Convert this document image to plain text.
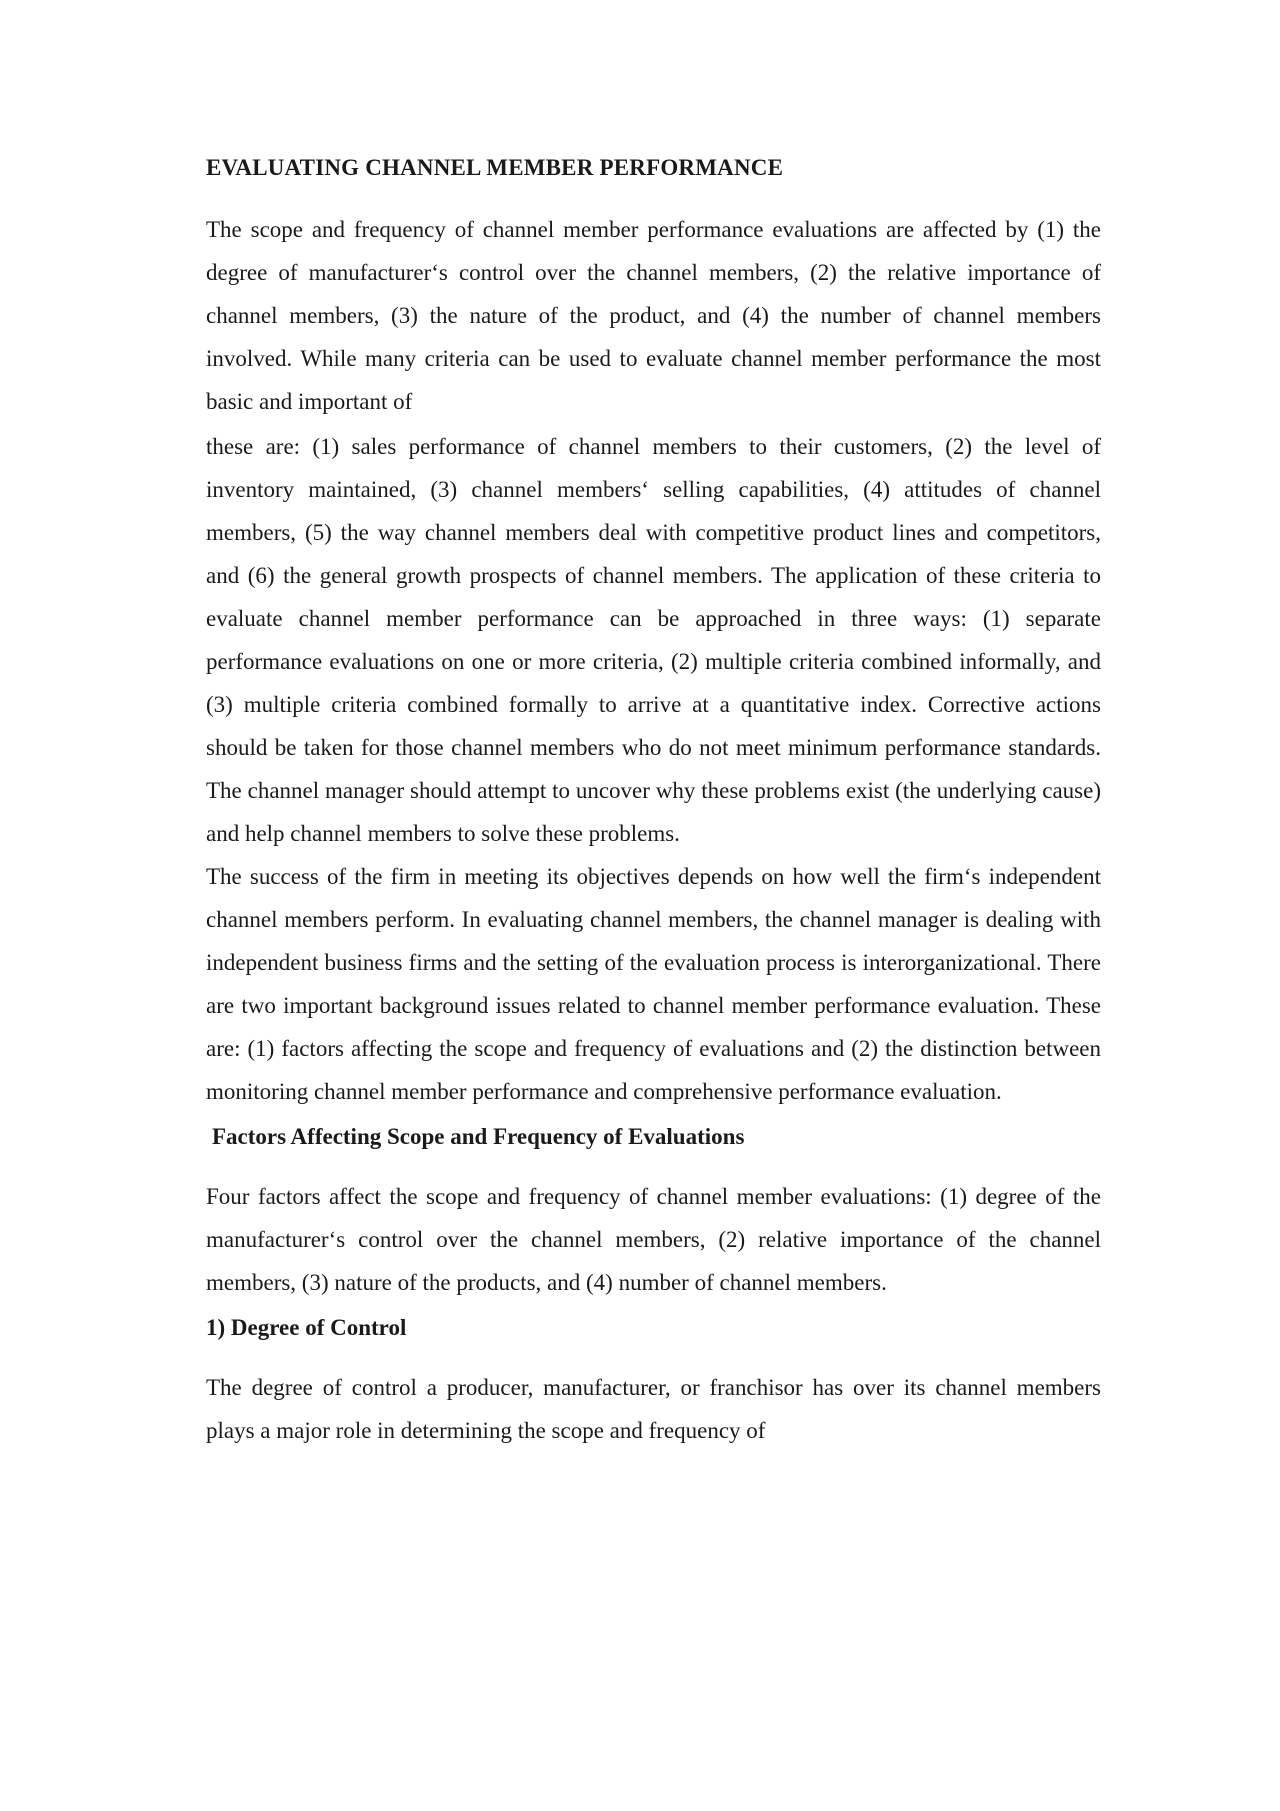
EVALUATING CHANNEL MEMBER PERFORMANCE

The scope and frequency of channel member performance evaluations are affected by (1) the degree of manufacturer‘s control over the channel members, (2) the relative importance of channel members, (3) the nature of the product, and (4) the number of channel members involved. While many criteria can be used to evaluate channel member performance the most basic and important of

these are: (1) sales performance of channel members to their customers, (2) the level of inventory maintained, (3) channel members‘ selling capabilities, (4) attitudes of channel members, (5) the way channel members deal with competitive product lines and competitors, and (6) the general growth prospects of channel members. The application of these criteria to evaluate channel member performance can be approached in three ways: (1) separate performance evaluations on one or more criteria, (2) multiple criteria combined informally, and (3) multiple criteria combined formally to arrive at a quantitative index. Corrective actions should be taken for those channel members who do not meet minimum performance standards. The channel manager should attempt to uncover why these problems exist (the underlying cause) and help channel members to solve these problems.

The success of the firm in meeting its objectives depends on how well the firm‘s independent channel members perform. In evaluating channel members, the channel manager is dealing with independent business firms and the setting of the evaluation process is interorganizational. There are two important background issues related to channel member performance evaluation. These are: (1) factors affecting the scope and frequency of evaluations and (2) the distinction between monitoring channel member performance and comprehensive performance evaluation.

Factors Affecting Scope and Frequency of Evaluations

Four factors affect the scope and frequency of channel member evaluations: (1) degree of the manufacturer‘s control over the channel members, (2) relative importance of the channel members, (3) nature of the products, and (4) number of channel members.

1) Degree of Control

The degree of control a producer, manufacturer, or franchisor has over its channel members plays a major role in determining the scope and frequency of
